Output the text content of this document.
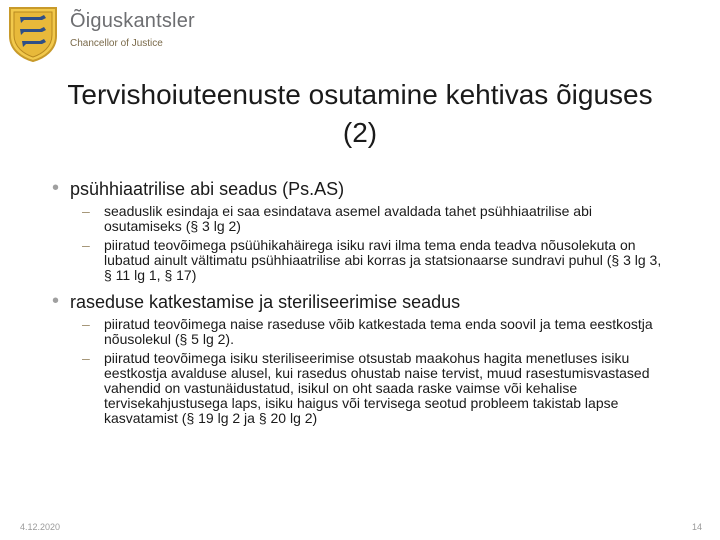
Õiguskantsler
Chancellor of Justice
Tervishoiuteenuste osutamine kehtivas õiguses (2)
• psühhiaatrilise abi seadus (Ps.AS)
– seaduslik esindaja ei saa esindatava asemel avaldada tahet psühhiaatrilise abi osutamiseks (§ 3 lg 2)
– piiratud teovõimega psüühikahäirega isiku ravi ilma tema enda teadva nõusolekuta on lubatud ainult vältimatu psühhiaatrilise abi korras ja statsionaarse sundravi puhul (§ 3 lg 3, § 11 lg 1, § 17)
• raseduse katkestamise ja steriliseerimise seadus
– piiratud teovõimega naise raseduse võib katkestada tema enda soovil ja tema eestkostja nõusolekul (§ 5 lg 2).
– piiratud teovõimega isiku steriliseerimise otsustab maakohus hagita menetluses isiku eestkostja avalduse alusel, kui rasedus ohustab naise tervist, muud rasestumisvastased vahendid on vastunäidustatud, isikul on oht saada raske vaimse või kehalise tervisekahjustusega laps, isiku haigus või tervisega seotud probleem takistab lapse kasvatamist (§ 19 lg 2 ja § 20 lg 2)
4.12.2020	14
